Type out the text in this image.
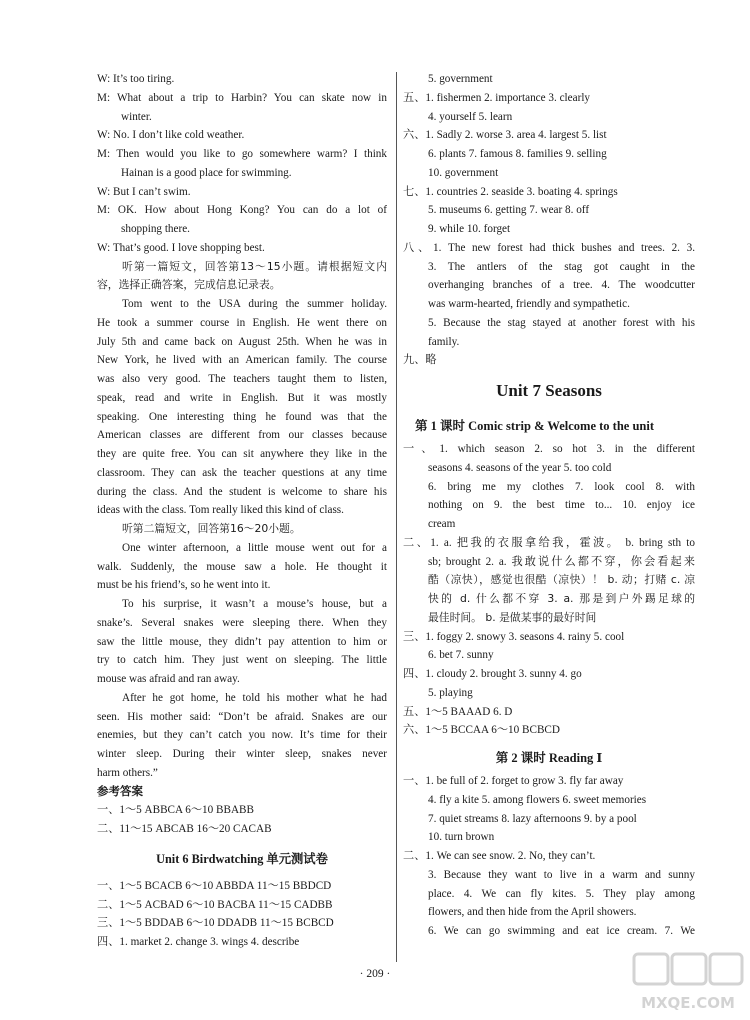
W: It’s too tiring.
M: What about a trip to Harbin? You can skate now in
winter.
W: No. I don’t like cold weather.
M: Then would you like to go somewhere warm? I think
Hainan is a good place for swimming.
W: But I can’t swim.
M: OK. How about Hong Kong? You can do a lot of
shopping there.
W: That’s good. I love shopping best.
听第一篇短文，回答第13～15小题。请根据短文内
容，选择正确答案，完成信息记录表。
Tom went to the USA during the summer holiday.
He took a summer course in English. He went there on
July 5th and came back on August 25th. When he was in
New York, he lived with an American family. The course
was also very good. The teachers taught them to listen,
speak, read and write in English. But it was mostly
speaking. One interesting thing he found was that the
American classes are different from our classes because
they are quite free. You can sit anywhere they like in the
classroom. They can ask the teacher questions at any time
during the class. And the student is welcome to share his
ideas with the class. Tom really liked this kind of class.
听第二篇短文，回答第16～20小题。
One winter afternoon, a little mouse went out for a
walk. Suddenly, the mouse saw a hole. He thought it
must be his friend’s, so he went into it.
To his surprise, it wasn’t a mouse’s house, but a
snake’s. Several snakes were sleeping there. When they
saw the little mouse, they didn’t pay attention to him or
try to catch him. They just went on sleeping. The little
mouse was afraid and ran away.
After he got home, he told his mother what he had
seen. His mother said: “Don’t be afraid. Snakes are our
enemies, but they can’t catch you now. It’s time for their
winter sleep. During their winter sleep, snakes never
harm others.”
参考答案
一、1～5 ABBCA 6～10 BBABB
二、11～15 ABCAB 16～20 CACAB
Unit 6 Birdwatching 单元测试卷
一、1～5 BCACB 6～10 ABBDA 11～15 BBDCD
二、1～5 ACBAD 6～10 BACBA 11～15 CADBB
三、1～5 BDDAB 6～10 DDADB 11～15 BCBCD
四、1. market 2. change 3. wings 4. describe
5. government
五、1. fishermen 2. importance 3. clearly
4. yourself 5. learn
六、1. Sadly 2. worse 3. area 4. largest 5. list
6. plants 7. famous 8. families 9. selling
10. government
七、1. countries 2. seaside 3. boating 4. springs
5. museums 6. getting 7. wear 8. off
9. while 10. forget
八、1. The new forest had thick bushes and trees. 2. 3.
3. The antlers of the stag got caught in the
overhanging branches of a tree. 4. The woodcutter
was warm-hearted, friendly and sympathetic.
5. Because the stag stayed at another forest with his
family.
九、略
Unit 7 Seasons
第 1 课时 Comic strip & Welcome to the unit
一、1. which season 2. so hot 3. in the different
seasons 4. seasons of the year 5. too cold
6. bring me my clothes 7. look cool 8. with
nothing on 9. the best time to... 10. enjoy ice
cream
二、1. a. 把我的衣服拿给我，霍波。 b. bring sth to
sb; brought 2. a. 我敢说什么都不穿，你会看起来
酷（凉快），感觉也很酷（凉快）！ b. 动；打赌 c. 凉
快的 d. 什么都不穿 3. a. 那是到户外踢足球的
最佳时间。 b. 是做某事的最好时间
三、1. foggy 2. snowy 3. seasons 4. rainy 5. cool
6. bet 7. sunny
四、1. cloudy 2. brought 3. sunny 4. go
5. playing
五、1～5 BAAAD 6. D
六、1～5 BCCAA 6～10 BCBCD
第 2 课时 Reading Ⅰ
一、1. be full of 2. forget to grow 3. fly far away
4. fly a kite 5. among flowers 6. sweet memories
7. quiet streams 8. lazy afternoons 9. by a pool
10. turn brown
二、1. We can see snow. 2. No, they can’t.
3. Because they want to live in a warm and sunny
place. 4. We can fly kites. 5. They play among
flowers, and then hide from the April showers.
6. We can go swimming and eat ice cream. 7. We
· 209 ·
MXQE.COM
